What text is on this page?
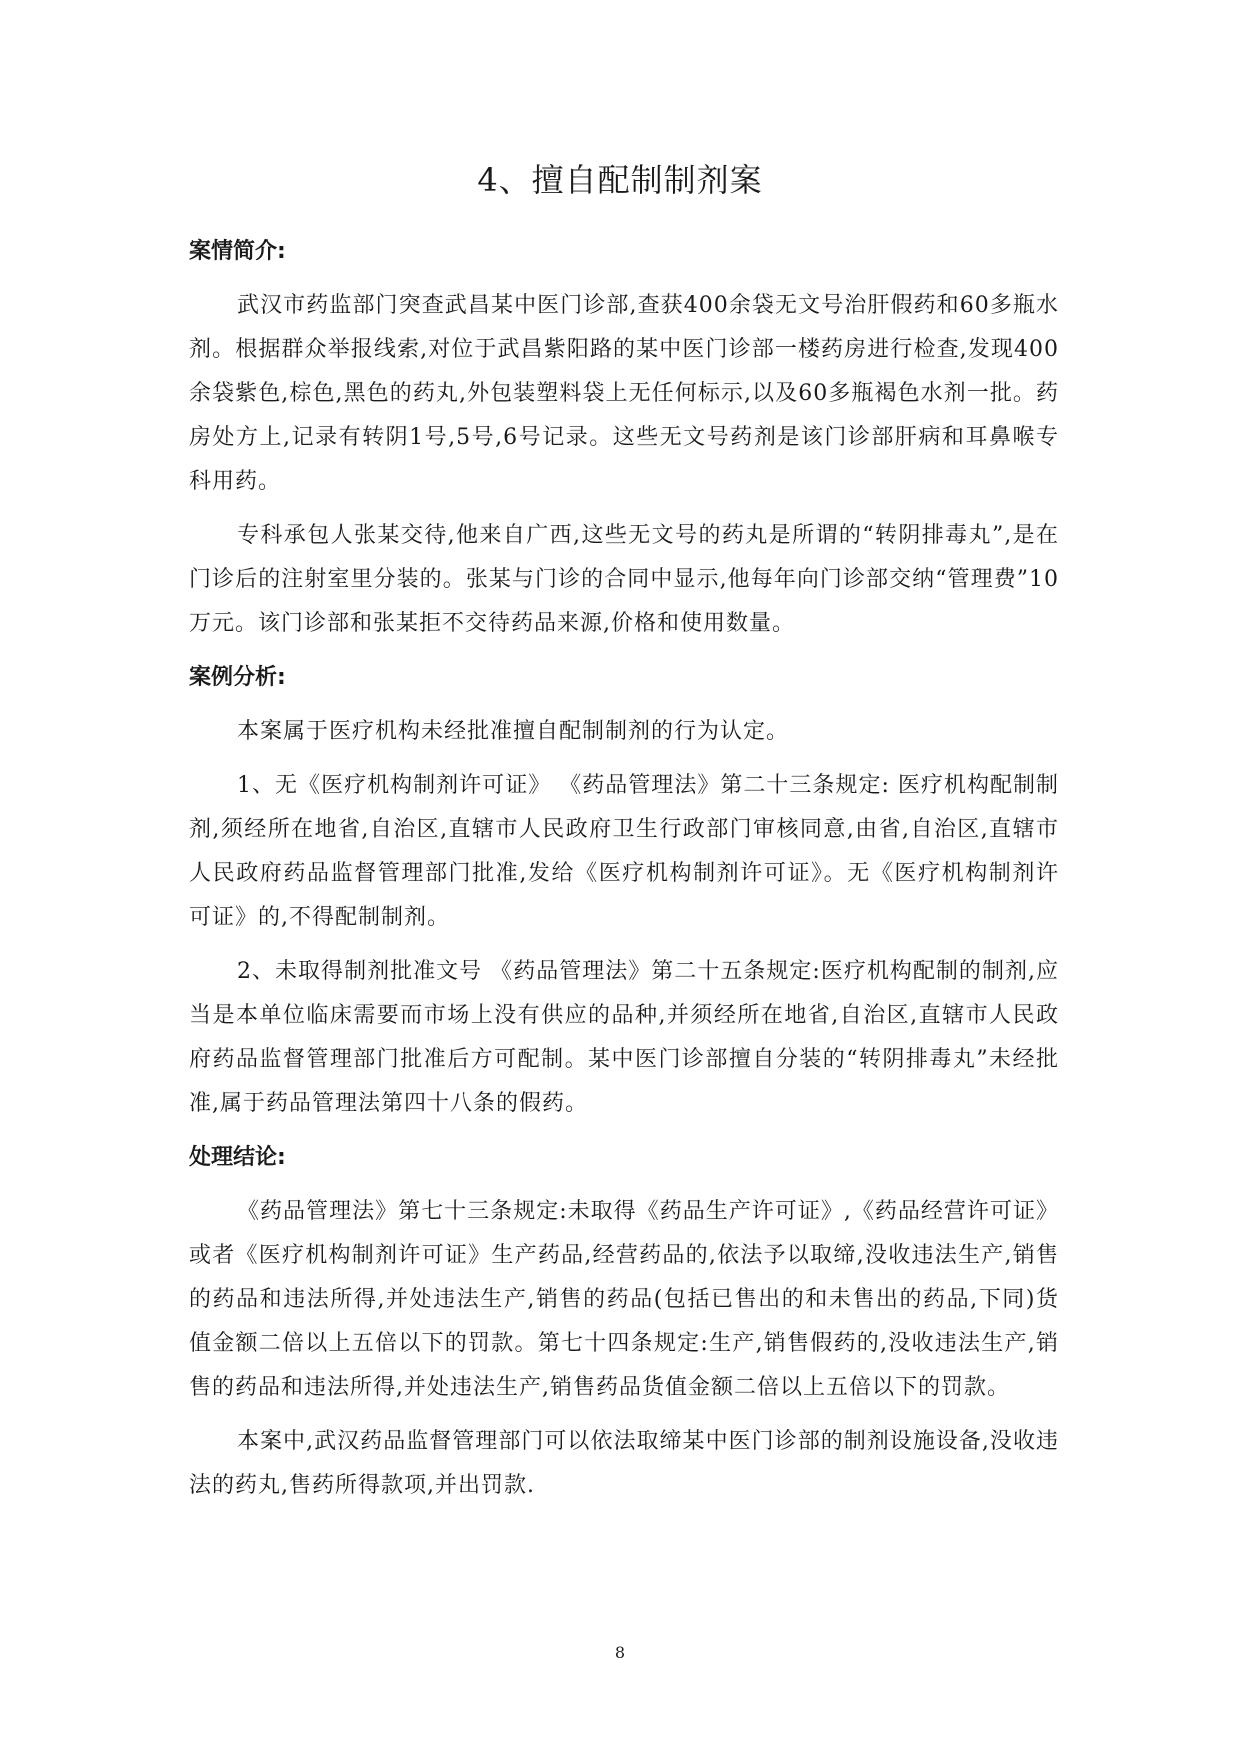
4、擅自配制制剂案

案情简介:

武汉市药监部门突查武昌某中医门诊部,查获400余袋无文号治肝假药和60多瓶水剂。根据群众举报线索,对位于武昌紫阳路的某中医门诊部一楼药房进行检查,发现400余袋紫色,棕色,黑色的药丸,外包装塑料袋上无任何标示,以及60多瓶褐色水剂一批。药房处方上,记录有转阴1号,5号,6号记录。这些无文号药剂是该门诊部肝病和耳鼻喉专科用药。

专科承包人张某交待,他来自广西,这些无文号的药丸是所谓的“转阴排毒丸”,是在门诊后的注射室里分装的。张某与门诊的合同中显示,他每年向门诊部交纳“管理费”10万元。该门诊部和张某拒不交待药品来源,价格和使用数量。

案例分析:

本案属于医疗机构未经批准擅自配制制剂的行为认定。

1、无《医疗机构制剂许可证》 《药品管理法》第二十三条规定: 医疗机构配制制剂,须经所在地省,自治区,直辖市人民政府卫生行政部门审核同意,由省,自治区,直辖市人民政府药品监督管理部门批准,发给《医疗机构制剂许可证》。无《医疗机构制剂许可证》的,不得配制制剂。

2、未取得制剂批准文号 《药品管理法》第二十五条规定:医疗机构配制的制剂,应当是本单位临床需要而市场上没有供应的品种,并须经所在地省,自治区,直辖市人民政府药品监督管理部门批准后方可配制。某中医门诊部擅自分装的“转阴排毒丸”未经批准,属于药品管理法第四十八条的假药。

处理结论:

《药品管理法》第七十三条规定:未取得《药品生产许可证》,《药品经营许可证》或者《医疗机构制剂许可证》生产药品,经营药品的,依法予以取缔,没收违法生产,销售的药品和违法所得,并处违法生产,销售的药品(包括已售出的和未售出的药品,下同)货值金额二倍以上五倍以下的罚款。第七十四条规定:生产,销售假药的,没收违法生产,销售的药品和违法所得,并处违法生产,销售药品货值金额二倍以上五倍以下的罚款。

本案中,武汉药品监督管理部门可以依法取缔某中医门诊部的制剂设施设备,没收违法的药丸,售药所得款项,并出罚款.

8
